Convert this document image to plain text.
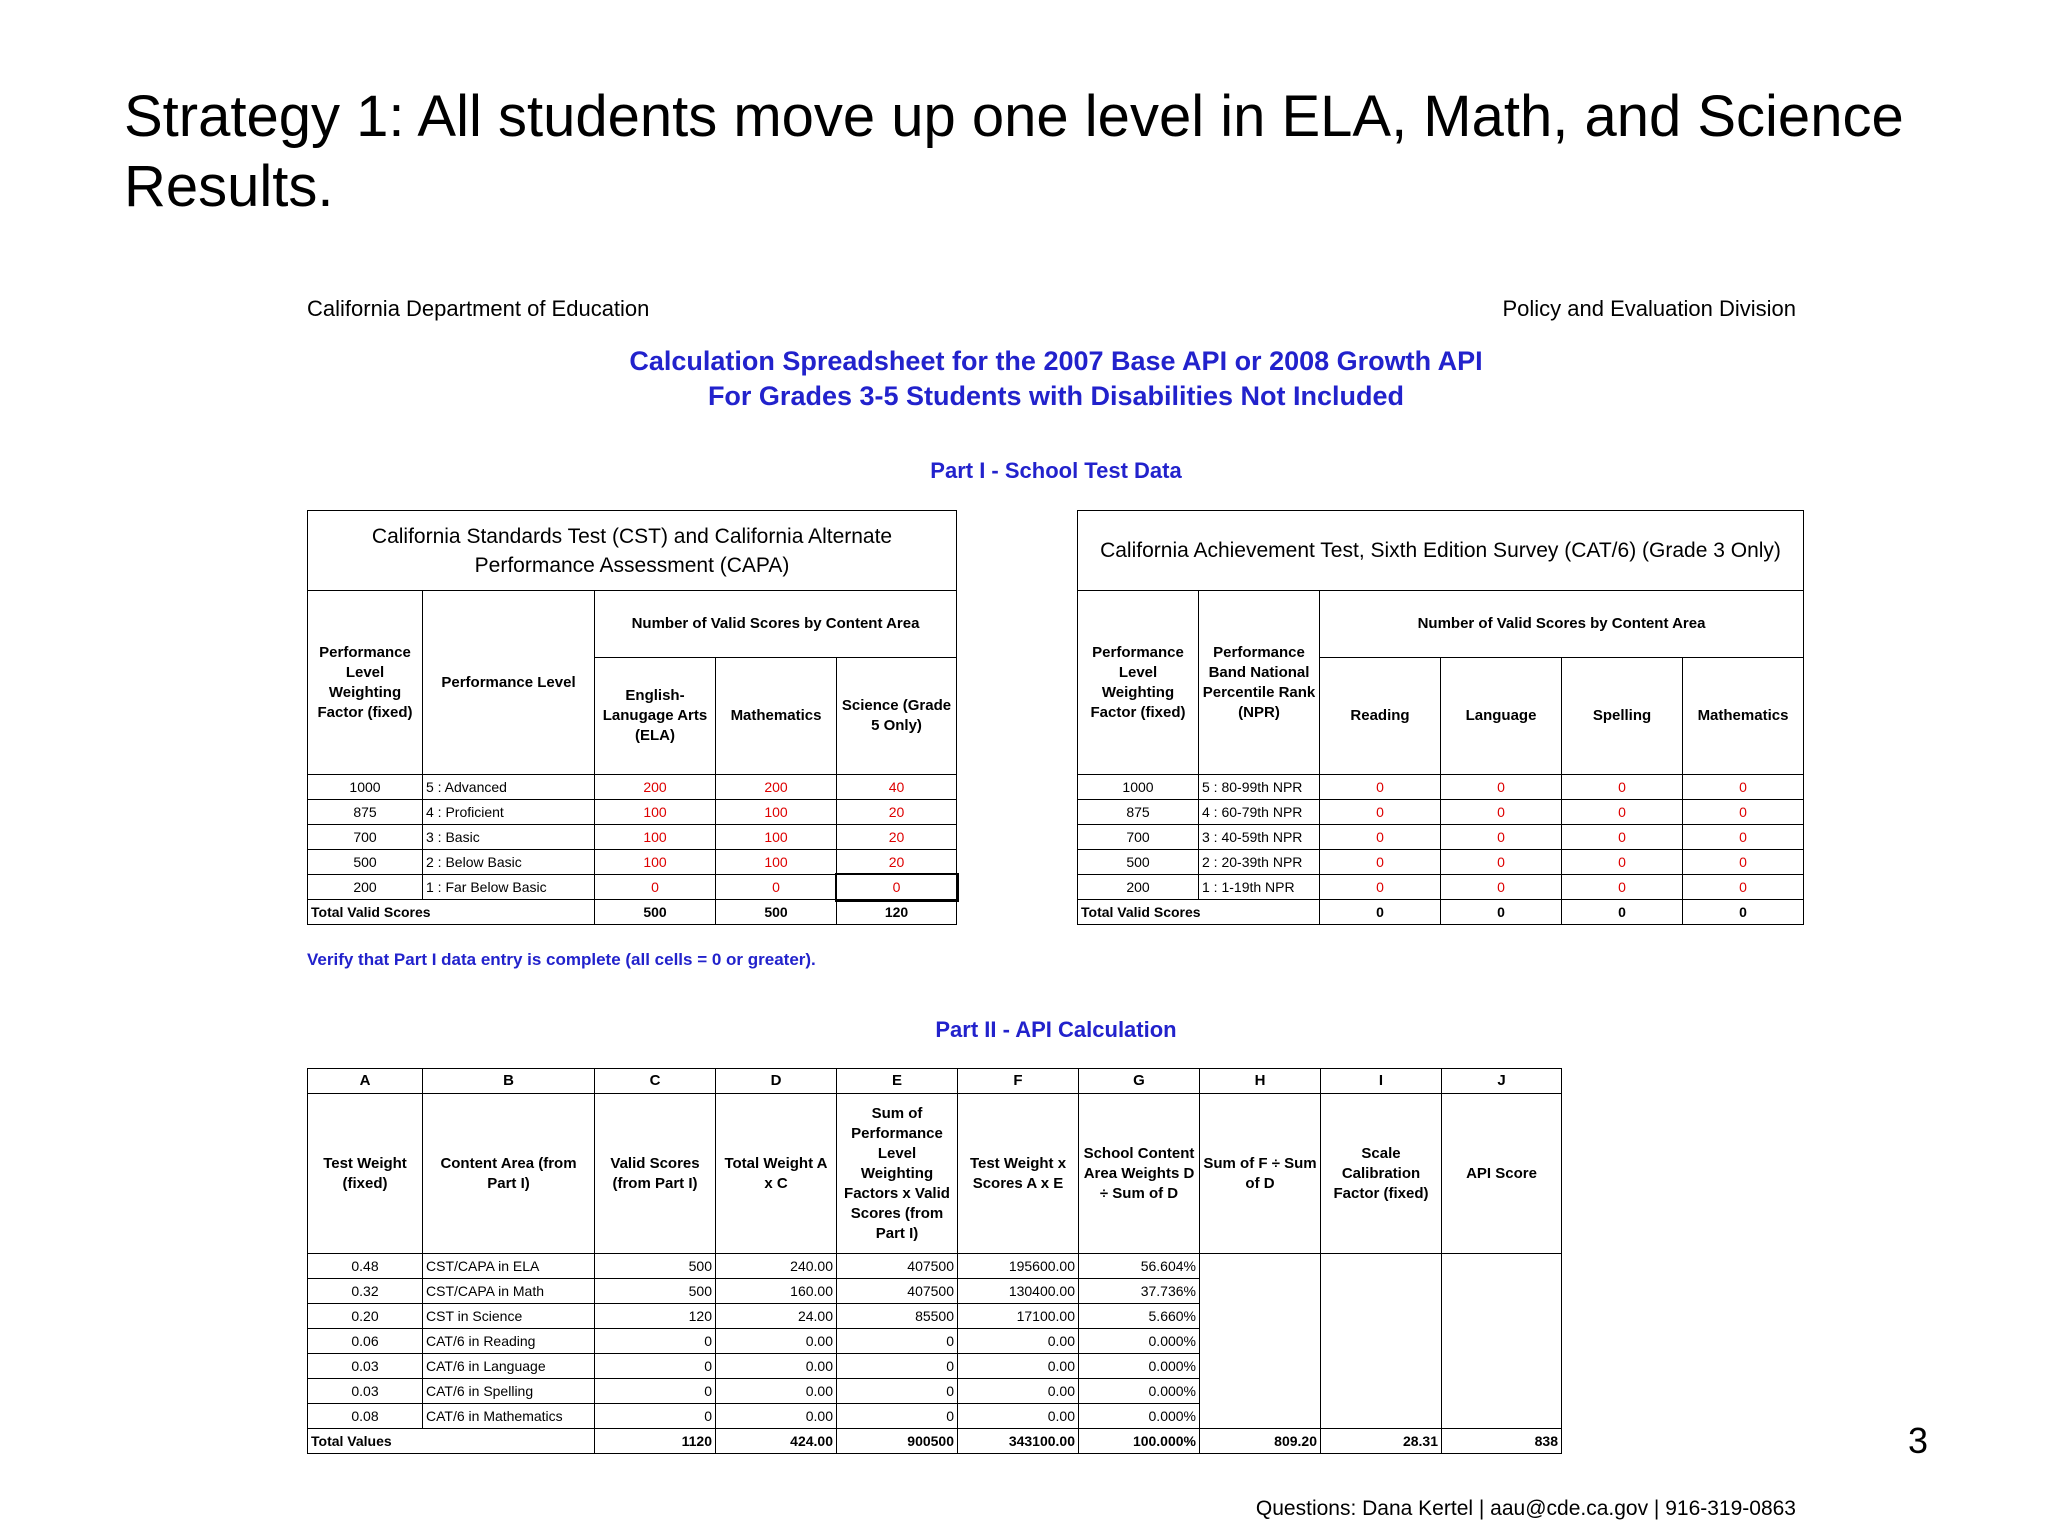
Strategy 1: All students move up one level in ELA, Math, and Science Results.
California Department of Education	Policy and Evaluation Division
Calculation Spreadsheet for the 2007 Base API or 2008 Growth API
For Grades 3-5 Students with Disabilities Not Included
Part I - School Test Data
California Standards Test (CST) and California Alternate Performance Assessment (CAPA)				
Performance Level Weighting Factor (fixed)	Performance Level	Number of Valid Scores by Content Area		
		English-Lanugage Arts (ELA)	Mathematics	Science (Grade 5 Only)
1000	5 : Advanced	200	200	40
875	4 : Proficient	100	100	20
700	3 : Basic	100	100	20
500	2 : Below Basic	100	100	20
200	1 : Far Below Basic	0	0	0
Total Valid Scores		500	500	120
California Achievement Test, Sixth Edition Survey (CAT/6) (Grade 3 Only)					
Performance Level Weighting Factor (fixed)	Performance Band National Percentile Rank (NPR)	Number of Valid Scores by Content Area			
		Reading	Language	Spelling	Mathematics
1000	5 : 80-99th NPR	0	0	0	0
875	4 : 60-79th NPR	0	0	0	0
700	3 : 40-59th NPR	0	0	0	0
500	2 : 20-39th NPR	0	0	0	0
200	1 : 1-19th NPR	0	0	0	0
Total Valid Scores		0	0	0	0
Verify that Part I data entry is complete (all cells = 0 or greater).
Part II - API Calculation
A	B	C	D	E	F	G	H	I	J
Test Weight (fixed)	Content Area (from Part I)	Valid Scores (from Part I)	Total Weight A x C	Sum of Performance Level Weighting Factors x Valid Scores (from Part I)	Test Weight x Scores A x E	School Content Area Weights D ÷ Sum of D	Sum of F ÷ Sum of D	Scale Calibration Factor (fixed)	API Score
0.48	CST/CAPA in ELA	500	240.00	407500	195600.00	56.604%			
0.32	CST/CAPA in Math	500	160.00	407500	130400.00	37.736%			
0.20	CST in Science	120	24.00	85500	17100.00	5.660%			
0.06	CAT/6 in Reading	0	0.00	0	0.00	0.000%			
0.03	CAT/6 in Language	0	0.00	0	0.00	0.000%			
0.03	CAT/6 in Spelling	0	0.00	0	0.00	0.000%			
0.08	CAT/6 in Mathematics	0	0.00	0	0.00	0.000%			
Total Values		1120	424.00	900500	343100.00	100.000%	809.20	28.31	838	3
Questions: Dana Kertel | aau@cde.ca.gov | 916-319-0863
